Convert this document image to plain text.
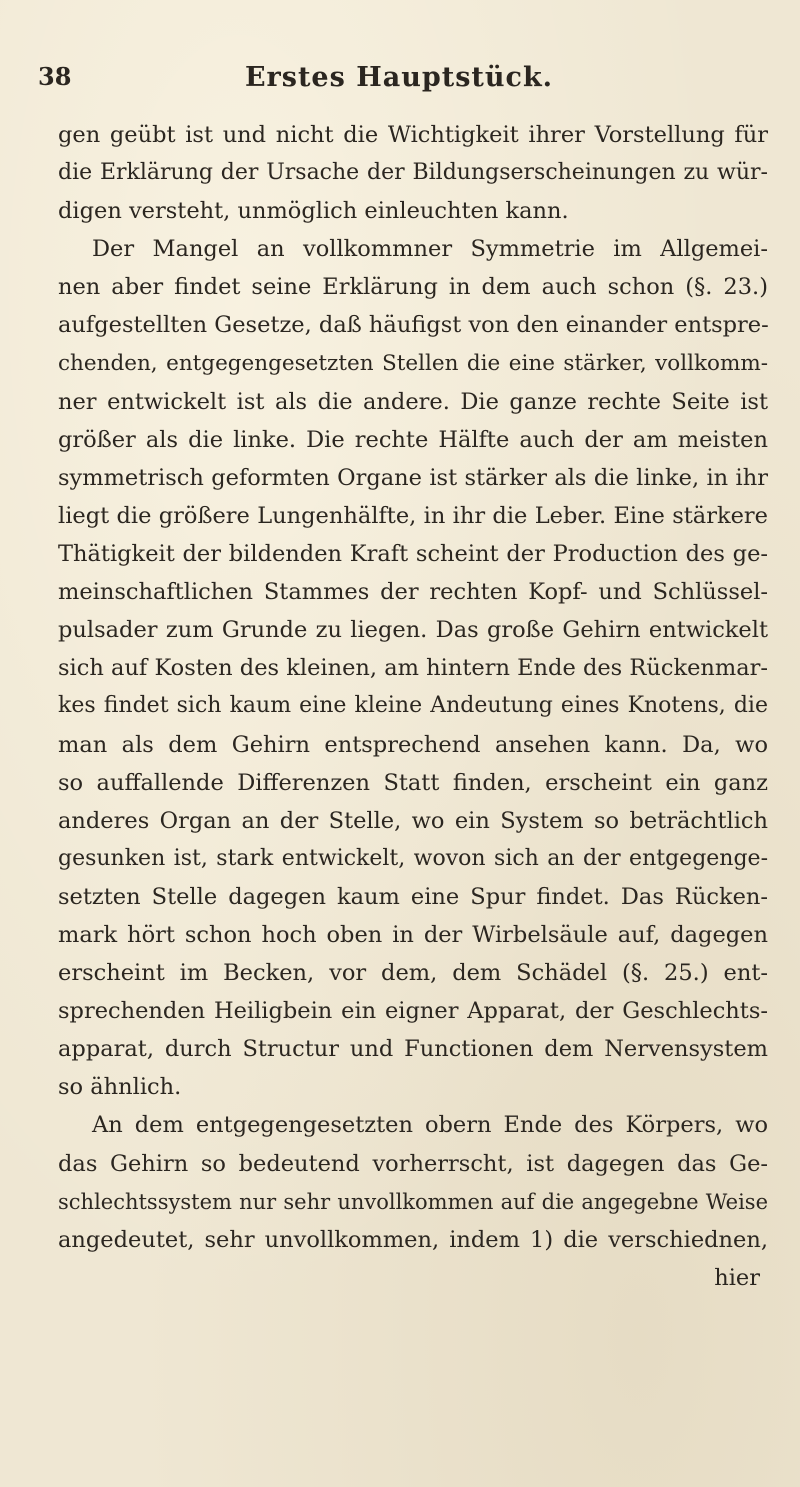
38	Erstes Hauptstück.
gen geübt ist und nicht die Wichtigkeit ihrer Vorstellung für
die Erklärung der Ursache der Bildungserscheinungen zu wür-
digen versteht, unmöglich einleuchten kann.
Der Mangel an vollkommner Symmetrie im Allgemei-
nen aber findet seine Erklärung in dem auch schon (§. 23.)
aufgestellten Gesetze, daß häufigst von den einander entspre-
chenden, entgegengesetzten Stellen die eine stärker, vollkomm-
ner entwickelt ist als die andere. Die ganze rechte Seite ist
größer als die linke. Die rechte Hälfte auch der am meisten
symmetrisch geformten Organe ist stärker als die linke, in ihr
liegt die größere Lungenhälfte, in ihr die Leber. Eine stärkere
Thätigkeit der bildenden Kraft scheint der Production des ge-
meinschaftlichen Stammes der rechten Kopf- und Schlüssel-
pulsader zum Grunde zu liegen. Das große Gehirn entwickelt
sich auf Kosten des kleinen, am hintern Ende des Rückenmar-
kes findet sich kaum eine kleine Andeutung eines Knotens, die
man als dem Gehirn entsprechend ansehen kann. Da, wo
so auffallende Differenzen Statt finden, erscheint ein ganz
anderes Organ an der Stelle, wo ein System so beträchtlich
gesunken ist, stark entwickelt, wovon sich an der entgegenge-
setzten Stelle dagegen kaum eine Spur findet. Das Rücken-
mark hört schon hoch oben in der Wirbelsäule auf, dagegen
erscheint im Becken, vor dem, dem Schädel (§. 25.) ent-
sprechenden Heiligbein ein eigner Apparat, der Geschlechts-
apparat, durch Structur und Functionen dem Nervensystem
so ähnlich.
An dem entgegengesetzten obern Ende des Körpers, wo
das Gehirn so bedeutend vorherrscht, ist dagegen das Ge-
schlechtssystem nur sehr unvollkommen auf die angegebne Weise
angedeutet, sehr unvollkommen, indem 1) die verschiednen,
hier
